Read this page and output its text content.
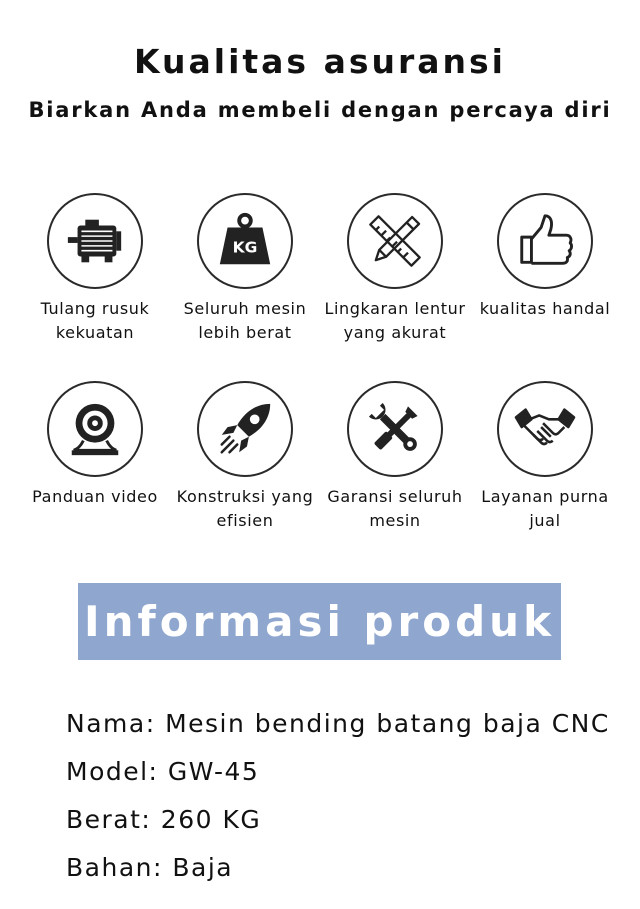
Kualitas asuransi
Biarkan Anda membeli dengan percaya diri
Tulang rusuk
kekuatan
KG
Seluruh mesin
lebih berat
Lingkaran lentur
yang akurat
kualitas handal
Panduan video	Konstruksi yang
efisien
Garansi seluruh
mesin
Layanan purna
jual
Informasi produk
Nama: Mesin bending batang baja CNC
Model: GW-45
Berat: 260 KG
Bahan: Baja
